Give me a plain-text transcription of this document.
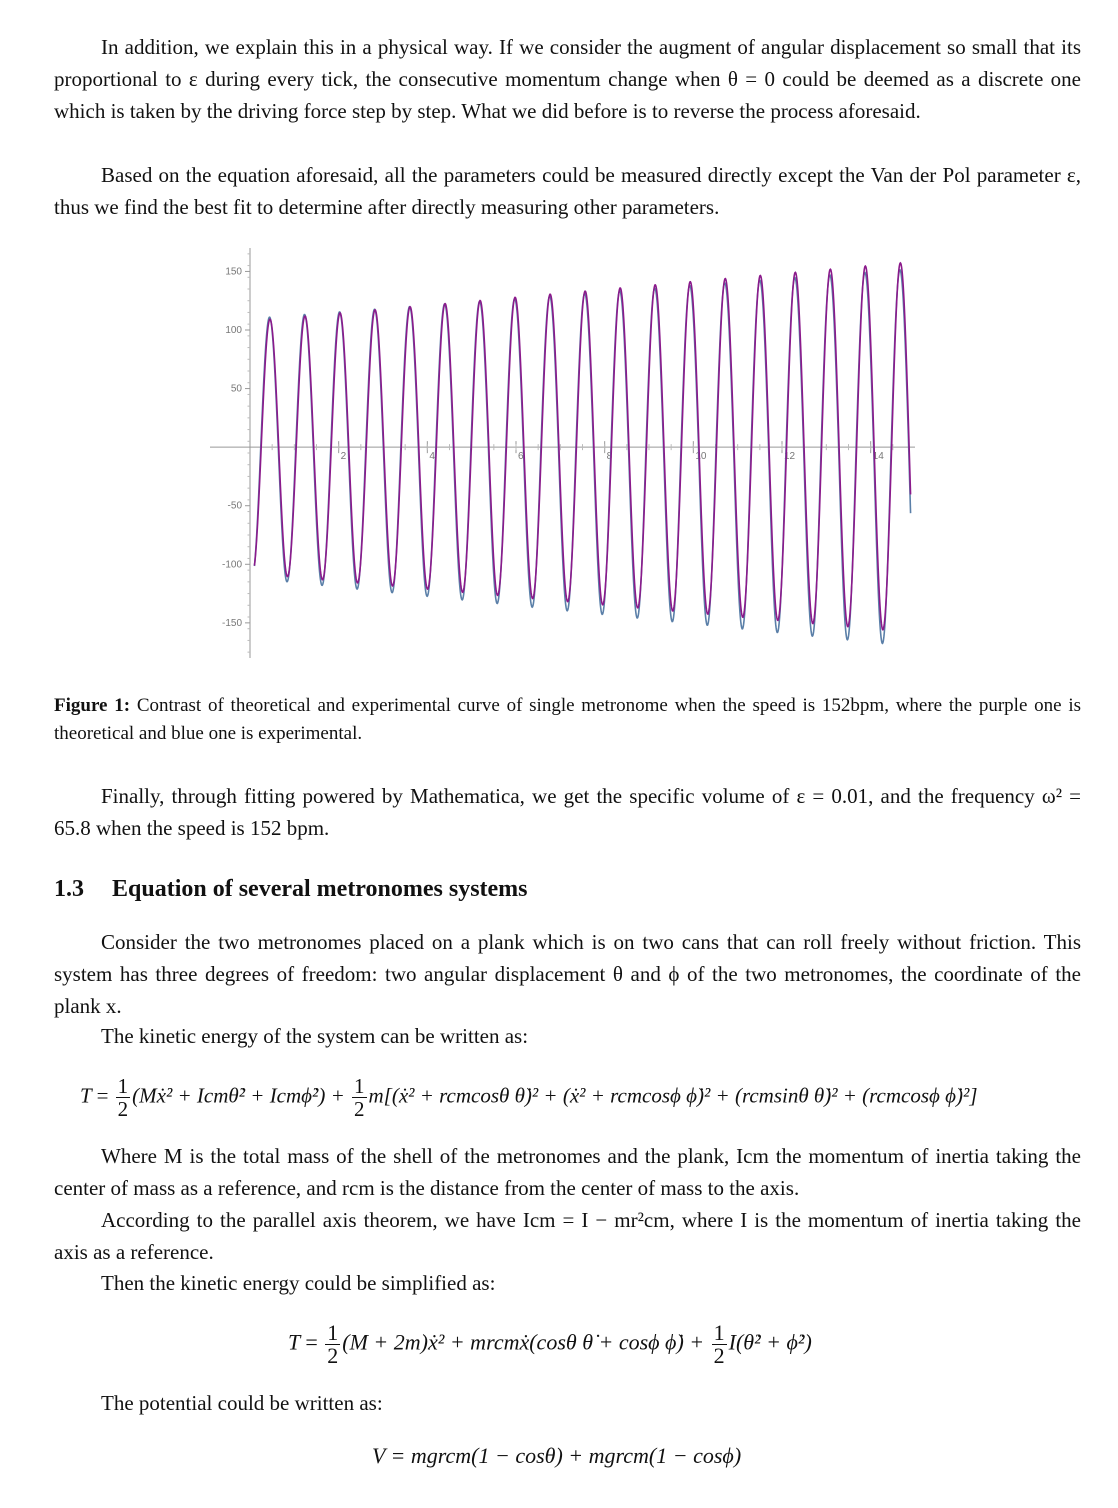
In addition, we explain this in a physical way. If we consider the augment of angular displacement so small that its proportional to ε during every tick, the consecutive momentum change when θ = 0 could be deemed as a discrete one which is taken by the driving force step by step. What we did before is to reverse the process aforesaid.

Based on the equation aforesaid, all the parameters could be measured directly except the Van der Pol parameter ε, thus we find the best fit to determine after directly measuring other parameters.

150
100
50
-50
-100
-150
2	4	6	8	10	12	14

Figure 1: Contrast of theoretical and experimental curve of single metronome when the speed is 152bpm, where the purple one is theoretical and blue one is experimental.

Finally, through fitting powered by Mathematica, we get the specific volume of ε = 0.01, and the frequency ω² = 65.8 when the speed is 152 bpm.

1.3 Equation of several metronomes systems

Consider the two metronomes placed on a plank which is on two cans that can roll freely without friction. This system has three degrees of freedom: two angular displacement θ and ϕ of the two metronomes, the coordinate of the plank x.

The kinetic energy of the system can be written as:

$T = \frac{1}{2}$ (Mẋ² + Icmθ̇² + Icmϕ̇²) + $\frac{1}{2}$ m[(ẋ² + rcmcosθ θ̇)² + (ẋ² + rcmcosϕ ϕ̇)² + (rcmsinθ θ̇)² + (rcmcosϕ ϕ̇)²]

Where M is the total mass of the shell of the metronomes and the plank, Icm the momentum of inertia taking the center of mass as a reference, and rcm is the distance from the center of mass to the axis.

According to the parallel axis theorem, we have Icm = I − mr²cm, where I is the momentum of inertia taking the axis as a reference.

Then the kinetic energy could be simplified as:

$T = \frac{1}{2} (M$ + 2m)ẋ² + mrcmẋ(cosθ θ̇ + cosϕ ϕ̇) + $\frac{1}{2}$ I(θ̇² + ϕ̇²)

The potential could be written as:

V = mgrcm(1 − cosθ) + mgrcm(1 − cosϕ)
